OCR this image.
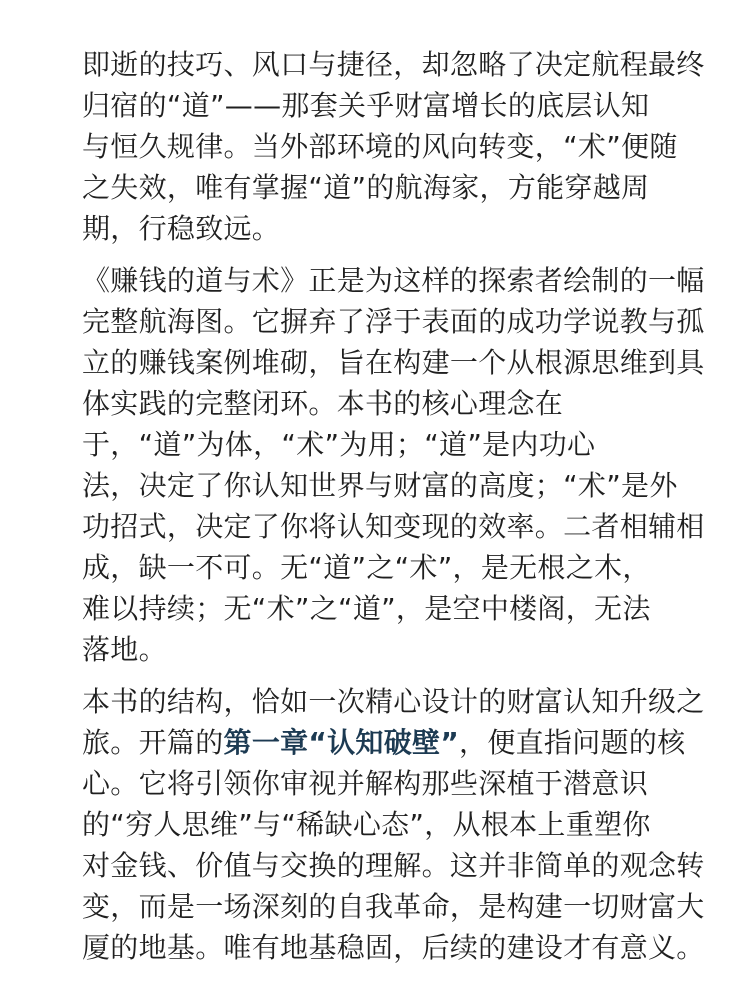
即逝的技巧、风口与捷径，却忽略了决定航程最终
归宿的“道”——那套关乎财富增长的底层认知
与恒久规律。当外部环境的风向转变，“术”便随
之失效，唯有掌握“道”的航海家，方能穿越周
期，行稳致远。

《赚钱的道与术》正是为这样的探索者绘制的一幅
完整航海图。它摒弃了浮于表面的成功学说教与孤
立的赚钱案例堆砌，旨在构建一个从根源思维到具
体实践的完整闭环。本书的核心理念在
于，“道”为体，“术”为用；“道”是内功心
法，决定了你认知世界与财富的高度；“术”是外
功招式，决定了你将认知变现的效率。二者相辅相
成，缺一不可。无“道”之“术”，是无根之木，
难以持续；无“术”之“道”，是空中楼阁，无法
落地。

本书的结构，恰如一次精心设计的财富认知升级之
旅。开篇的第一章“认知破壁”，便直指问题的核
心。它将引领你审视并解构那些深植于潜意识
的“穷人思维”与“稀缺心态”，从根本上重塑你
对金钱、价值与交换的理解。这并非简单的观念转
变，而是一场深刻的自我革命，是构建一切财富大
厦的地基。唯有地基稳固，后续的建设才有意义。
